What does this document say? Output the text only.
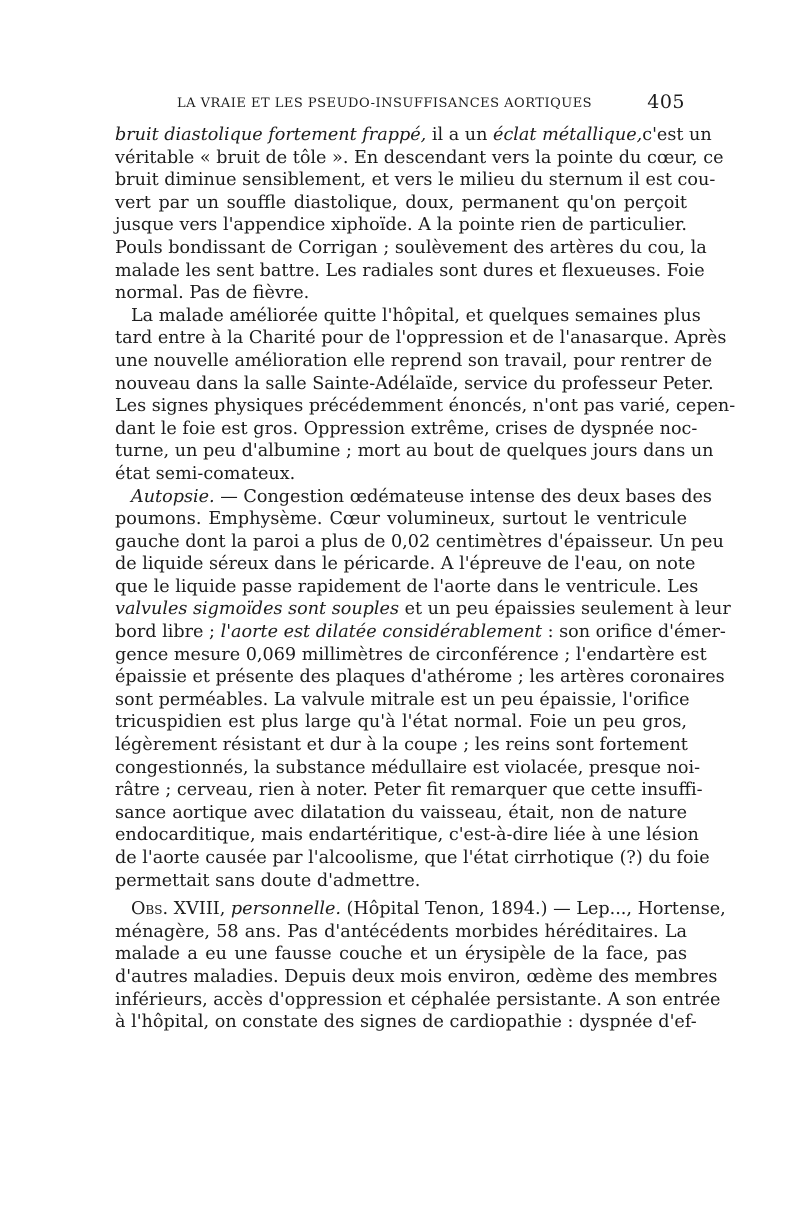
LA VRAIE ET LES PSEUDO-INSUFFISANCES AORTIQUES	405
bruit diastolique fortement frappé, il a un éclat métallique,c'est un
véritable « bruit de tôle ». En descendant vers la pointe du cœur, ce
bruit diminue sensiblement, et vers le milieu du sternum il est cou-
vert par un souffle diastolique, doux, permanent qu'on perçoit
jusque vers l'appendice xiphoïde. A la pointe rien de particulier.
Pouls bondissant de Corrigan ; soulèvement des artères du cou, la
malade les sent battre. Les radiales sont dures et flexueuses. Foie
normal. Pas de fièvre.
La malade améliorée quitte l'hôpital, et quelques semaines plus
tard entre à la Charité pour de l'oppression et de l'anasarque. Après
une nouvelle amélioration elle reprend son travail, pour rentrer de
nouveau dans la salle Sainte-Adélaïde, service du professeur Peter.
Les signes physiques précédemment énoncés, n'ont pas varié, cepen-
dant le foie est gros. Oppression extrême, crises de dyspnée noc-
turne, un peu d'albumine ; mort au bout de quelques jours dans un
état semi-comateux.
Autopsie. — Congestion œdémateuse intense des deux bases des
poumons. Emphysème. Cœur volumineux, surtout le ventricule
gauche dont la paroi a plus de 0,02 centimètres d'épaisseur. Un peu
de liquide séreux dans le péricarde. A l'épreuve de l'eau, on note
que le liquide passe rapidement de l'aorte dans le ventricule. Les
valvules sigmoïdes sont souples et un peu épaissies seulement à leur
bord libre ; l'aorte est dilatée considérablement : son orifice d'émer-
gence mesure 0,069 millimètres de circonférence ; l'endartère est
épaissie et présente des plaques d'athérome ; les artères coronaires
sont perméables. La valvule mitrale est un peu épaissie, l'orifice
tricuspidien est plus large qu'à l'état normal. Foie un peu gros,
légèrement résistant et dur à la coupe ; les reins sont fortement
congestionnés, la substance médullaire est violacée, presque noi-
râtre ; cerveau, rien à noter. Peter fit remarquer que cette insuffi-
sance aortique avec dilatation du vaisseau, était, non de nature
endocarditique, mais endartéritique, c'est-à-dire liée à une lésion
de l'aorte causée par l'alcoolisme, que l'état cirrhotique (?) du foie
permettait sans doute d'admettre.
Obs. XVIII, personnelle. (Hôpital Tenon, 1894.) — Lep..., Hortense,
ménagère, 58 ans. Pas d'antécédents morbides héréditaires. La
malade a eu une fausse couche et un érysipèle de la face, pas
d'autres maladies. Depuis deux mois environ, œdème des membres
inférieurs, accès d'oppression et céphalée persistante. A son entrée
à l'hôpital, on constate des signes de cardiopathie : dyspnée d'ef-
